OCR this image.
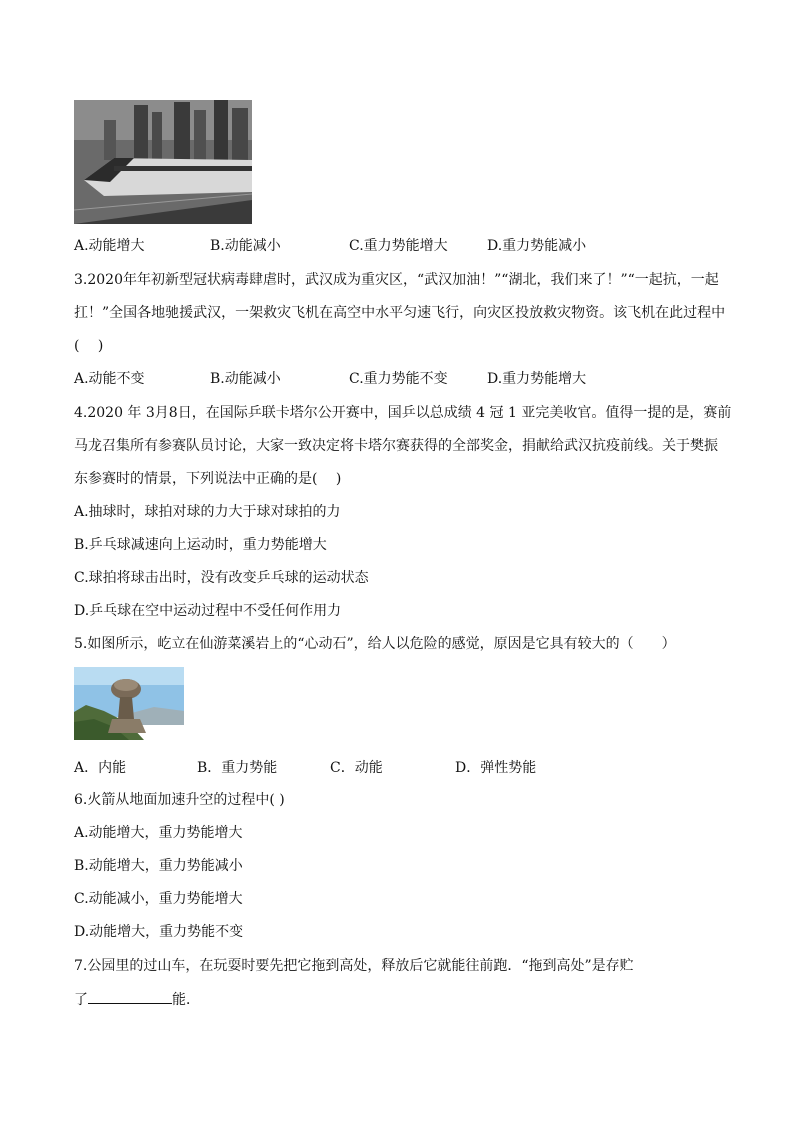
A.动能增大	B.动能减小	C.重力势能增大	D.重力势能减小
3.2020年年初新型冠状病毒肆虐时，武汉成为重灾区，“武汉加油！”“湖北，我们来了！”“一起抗，一起
扛！”全国各地驰援武汉，一架救灾飞机在高空中水平匀速飞行，向灾区投放救灾物资。该飞机在此过程中
(　 )
A.动能不变	B.动能减小	C.重力势能不变	D.重力势能增大
4.2020 年 3月8日，在国际乒联卡塔尔公开赛中，国乒以总成绩 4 冠 1 亚完美收官。值得一提的是，赛前
马龙召集所有参赛队员讨论，大家一致决定将卡塔尔赛获得的全部奖金，捐献给武汉抗疫前线。关于樊振
东参赛时的情景，下列说法中正确的是(　 )
A.抽球时，球拍对球的力大于球对球拍的力
B.乒乓球减速向上运动时，重力势能增大
C.球拍将球击出时，没有改变乒乓球的运动状态
D.乒乓球在空中运动过程中不受任何作用力
5.如图所示，屹立在仙游菜溪岩上的“心动石”，给人以危险的感觉，原因是它具有较大的（　　）
A．内能	B．重力势能	C．动能	D．弹性势能
6.火箭从地面加速升空的过程中( )
A.动能增大，重力势能增大
B.动能增大，重力势能减小
C.动能减小，重力势能增大
D.动能增大，重力势能不变
7.公园里的过山车，在玩耍时要先把它拖到高处，释放后它就能往前跑．“拖到高处”是存贮
了	能．
